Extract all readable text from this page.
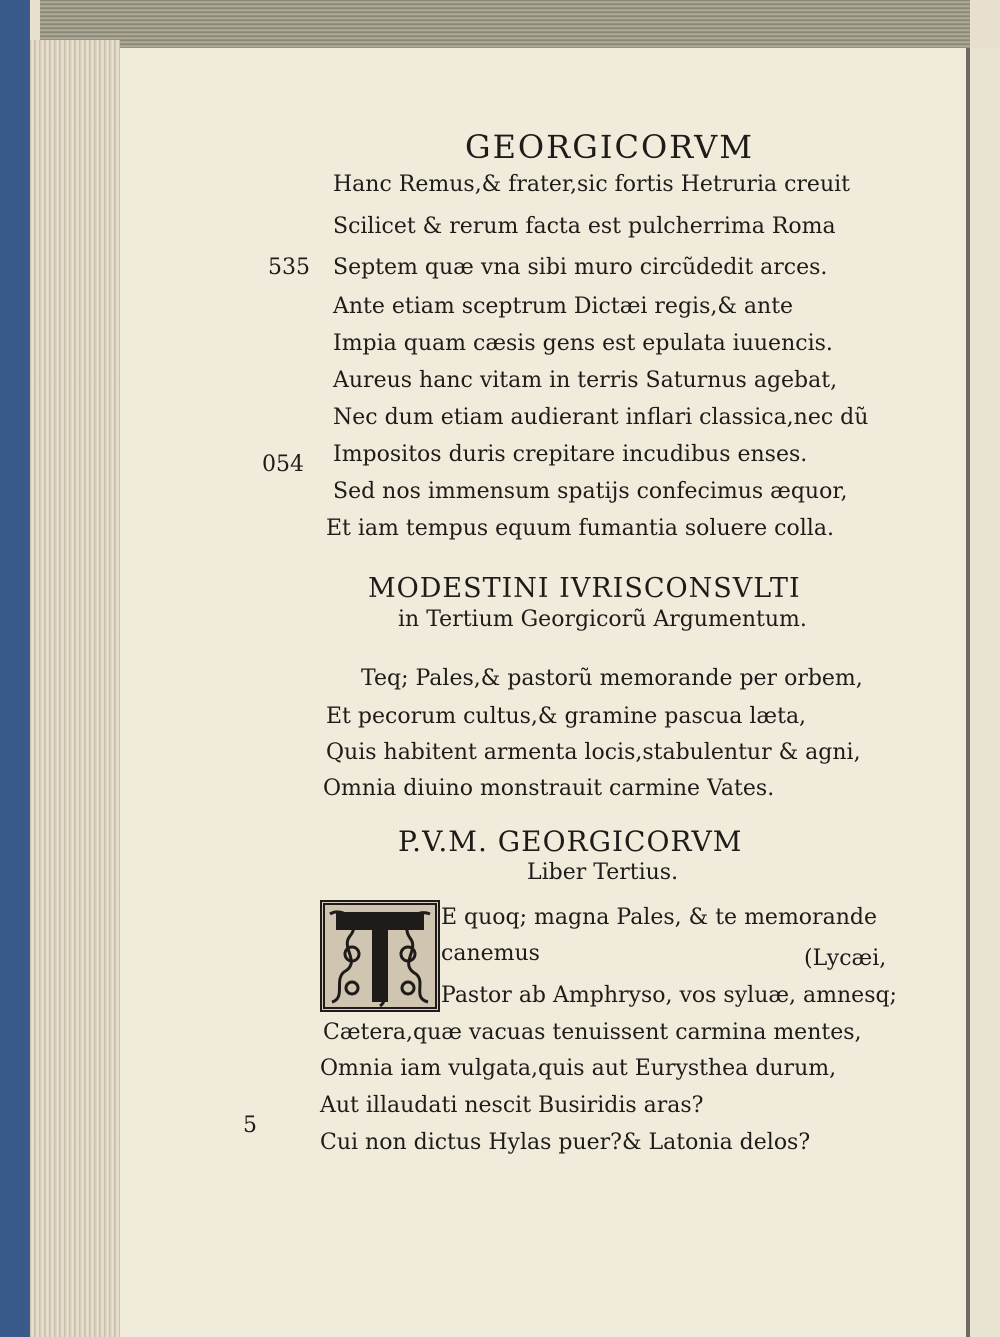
GEORGICORVM
Hanc Remus,& frater,sic fortis Hetruria creuit
Scilicet & rerum facta est pulcherrima Roma
535 Septem quæ vna sibi muro circũdedit arces.
Ante etiam sceptrum Dictæi regis,& ante
Impia quam cæsis gens est epulata iuuencis.
Aureus hanc vitam in terris Saturnus agebat,
Nec dum etiam audierant inflari classica,nec dũ
054 Impositos duris crepitare incudibus enses.
Sed nos immensum spatijs confecimus æquor,
Et iam tempus equum fumantia soluere colla.
MODESTINI IVRISCONSVLTI
in Tertium Georgicorũ Argumentum.
Teq; Pales,& pastorũ memorande per orbem,
Et pecorum cultus,& gramine pascua læta,
Quis habitent armenta locis,stabulentur & agni,
Omnia diuino monstrauit carmine Vates.
P.V.M. GEORGICORVM
Liber Tertius.
E quoq; magna Pales, & te memorande
canemus	(Lycæi,
Pastor ab Amphryso, vos syluæ, amnesq;
Cætera,quæ vacuas tenuissent carmina mentes,
Omnia iam vulgata,quis aut Eurysthea durum,
5
Aut illaudati nescit Busiridis aras?
Cui non dictus Hylas puer?& Latonia delos?
